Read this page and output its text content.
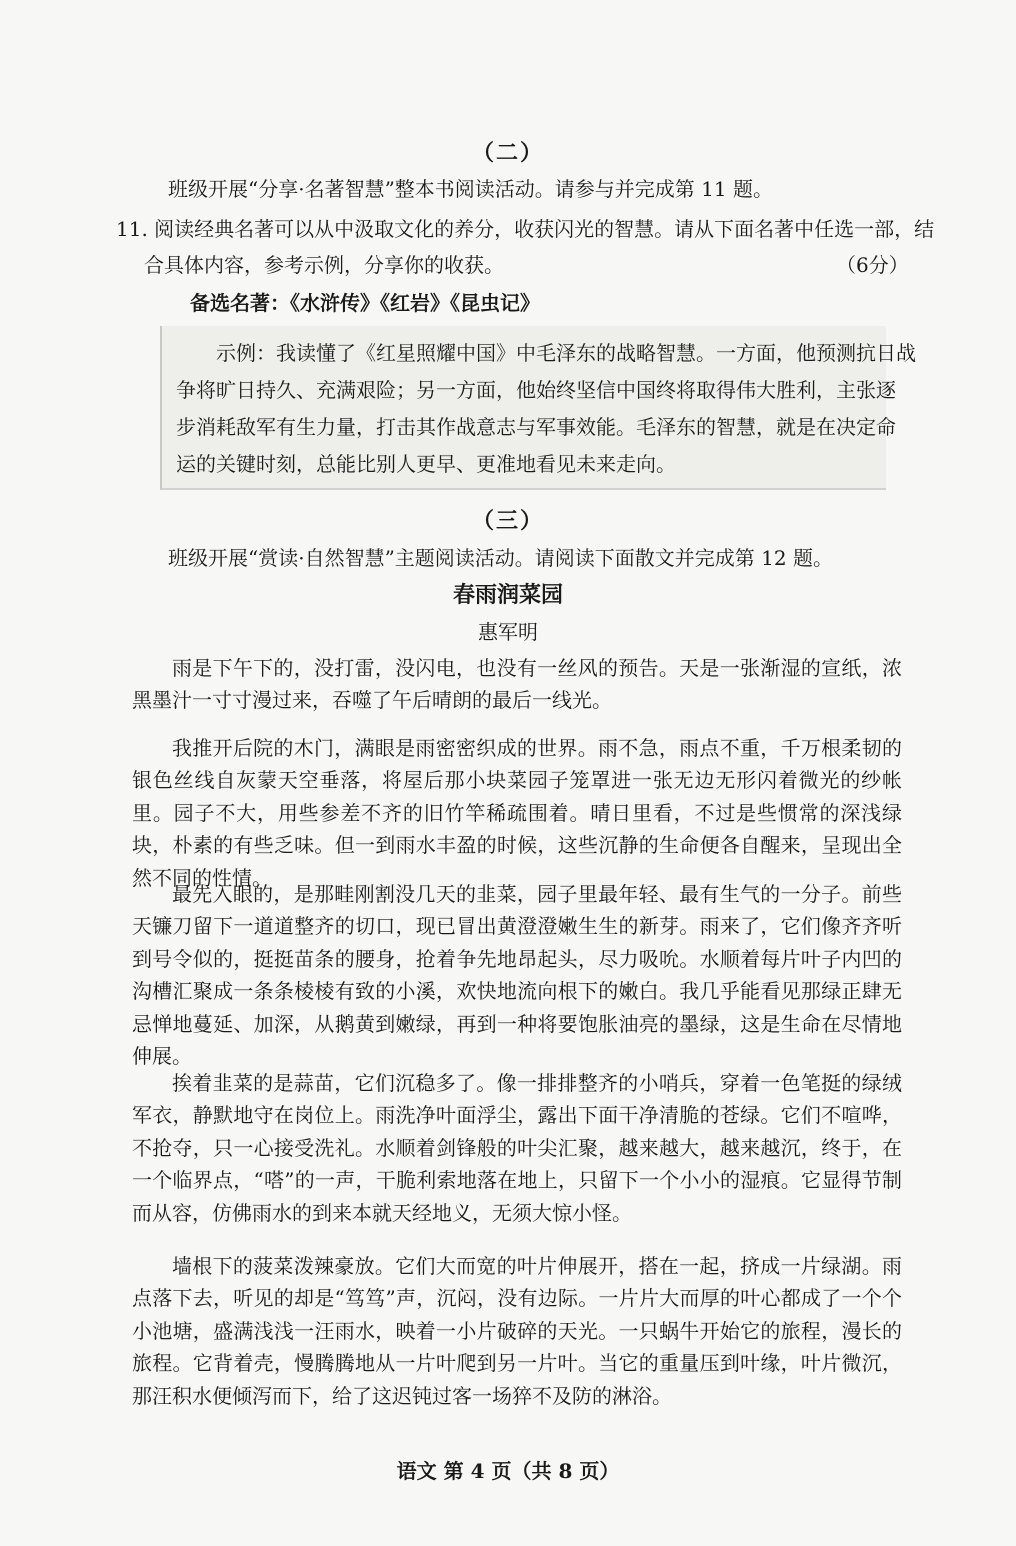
（二）
班级开展“分享·名著智慧”整本书阅读活动。请参与并完成第 11 题。
11. 阅读经典名著可以从中汲取文化的养分，收获闪光的智慧。请从下面名著中任选一部，结
合具体内容，参考示例，分享你的收获。	（6分）
备选名著：《水浒传》《红岩》《昆虫记》
示例：我读懂了《红星照耀中国》中毛泽东的战略智慧。一方面，他预测抗日战
争将旷日持久、充满艰险；另一方面，他始终坚信中国终将取得伟大胜利，主张逐
步消耗敌军有生力量，打击其作战意志与军事效能。毛泽东的智慧，就是在决定命
运的关键时刻，总能比别人更早、更准地看见未来走向。
（三）
班级开展“赏读·自然智慧”主题阅读活动。请阅读下面散文并完成第 12 题。
春雨润菜园
惠军明
雨是下午下的，没打雷，没闪电，也没有一丝风的预告。天是一张渐湿的宣纸，浓黑墨汁一寸寸漫过来，吞噬了午后晴朗的最后一线光。
我推开后院的木门，满眼是雨密密织成的世界。雨不急，雨点不重，千万根柔韧的银色丝线自灰蒙天空垂落，将屋后那小块菜园子笼罩进一张无边无形闪着微光的纱帐里。园子不大，用些参差不齐的旧竹竿稀疏围着。晴日里看，不过是些惯常的深浅绿块，朴素的有些乏味。但一到雨水丰盈的时候，这些沉静的生命便各自醒来，呈现出全然不同的性情。
最先入眼的，是那畦刚割没几天的韭菜，园子里最年轻、最有生气的一分子。前些天镰刀留下一道道整齐的切口，现已冒出黄澄澄嫩生生的新芽。雨来了，它们像齐齐听到号令似的，挺挺苗条的腰身，抢着争先地昂起头，尽力吸吮。水顺着每片叶子内凹的沟槽汇聚成一条条棱棱有致的小溪，欢快地流向根下的嫩白。我几乎能看见那绿正肆无忌惮地蔓延、加深，从鹅黄到嫩绿，再到一种将要饱胀油亮的墨绿，这是生命在尽情地伸展。
挨着韭菜的是蒜苗，它们沉稳多了。像一排排整齐的小哨兵，穿着一色笔挺的绿绒军衣，静默地守在岗位上。雨洗净叶面浮尘，露出下面干净清脆的苍绿。它们不喧哗，不抢夺，只一心接受洗礼。水顺着剑锋般的叶尖汇聚，越来越大，越来越沉，终于，在一个临界点，“嗒”的一声，干脆利索地落在地上，只留下一个小小的湿痕。它显得节制而从容，仿佛雨水的到来本就天经地义，无须大惊小怪。
墙根下的菠菜泼辣豪放。它们大而宽的叶片伸展开，搭在一起，挤成一片绿湖。雨点落下去，听见的却是“笃笃”声，沉闷，没有边际。一片片大而厚的叶心都成了一个个小池塘，盛满浅浅一汪雨水，映着一小片破碎的天光。一只蜗牛开始它的旅程，漫长的旅程。它背着壳，慢腾腾地从一片叶爬到另一片叶。当它的重量压到叶缘，叶片微沉，那汪积水便倾泻而下，给了这迟钝过客一场猝不及防的淋浴。
语文 第 4 页（共 8 页）
